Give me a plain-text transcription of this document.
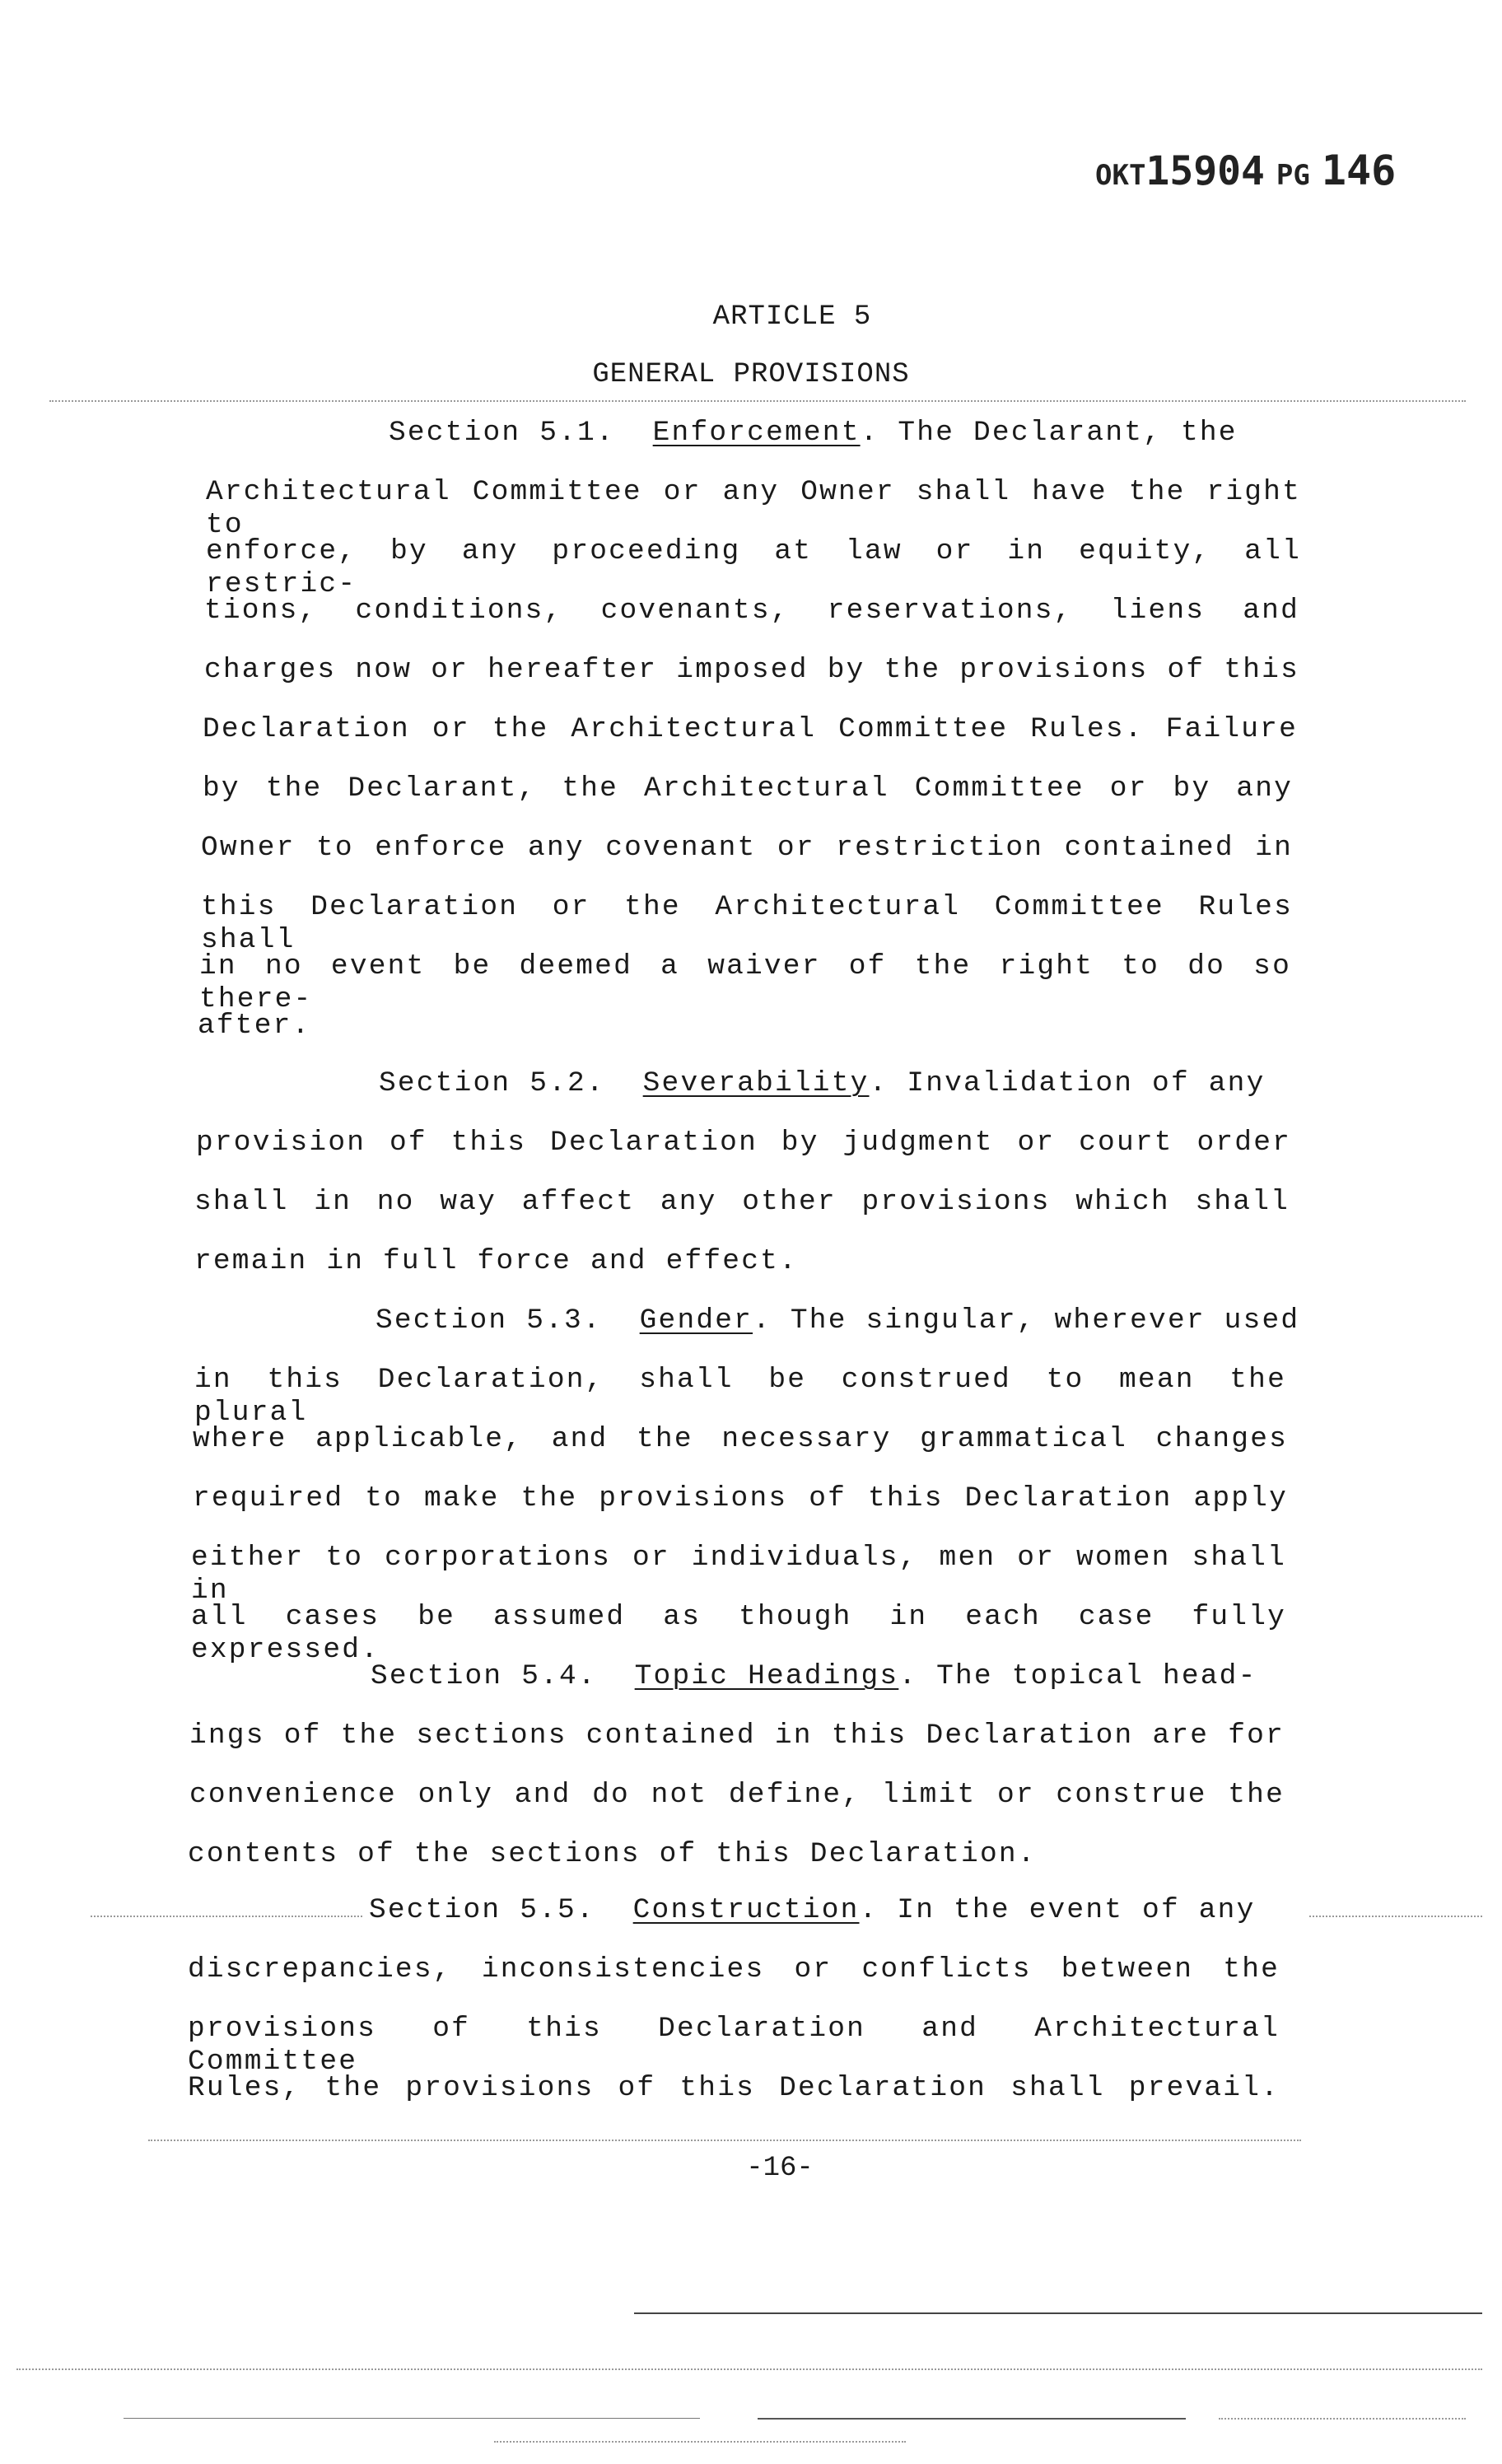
OKT15904 PG 146
ARTICLE 5
GENERAL PROVISIONS
Section 5.1. Enforcement. The Declarant, the
Architectural Committee or any Owner shall have the right to
enforce, by any proceeding at law or in equity, all restric-
tions, conditions, covenants, reservations, liens and
charges now or hereafter imposed by the provisions of this
Declaration or the Architectural Committee Rules. Failure
by the Declarant, the Architectural Committee or by any
Owner to enforce any covenant or restriction contained in
this Declaration or the Architectural Committee Rules shall
in no event be deemed a waiver of the right to do so there-
after.
Section 5.2. Severability. Invalidation of any
provision of this Declaration by judgment or court order
shall in no way affect any other provisions which shall
remain in full force and effect.
Section 5.3. Gender. The singular, wherever used
in this Declaration, shall be construed to mean the plural
where applicable, and the necessary grammatical changes
required to make the provisions of this Declaration apply
either to corporations or individuals, men or women shall in
all cases be assumed as though in each case fully expressed.
Section 5.4. Topic Headings. The topical head-
ings of the sections contained in this Declaration are for
convenience only and do not define, limit or construe the
contents of the sections of this Declaration.
Section 5.5. Construction. In the event of any
discrepancies, inconsistencies or conflicts between the
provisions of this Declaration and Architectural Committee
Rules, the provisions of this Declaration shall prevail.
-16-
